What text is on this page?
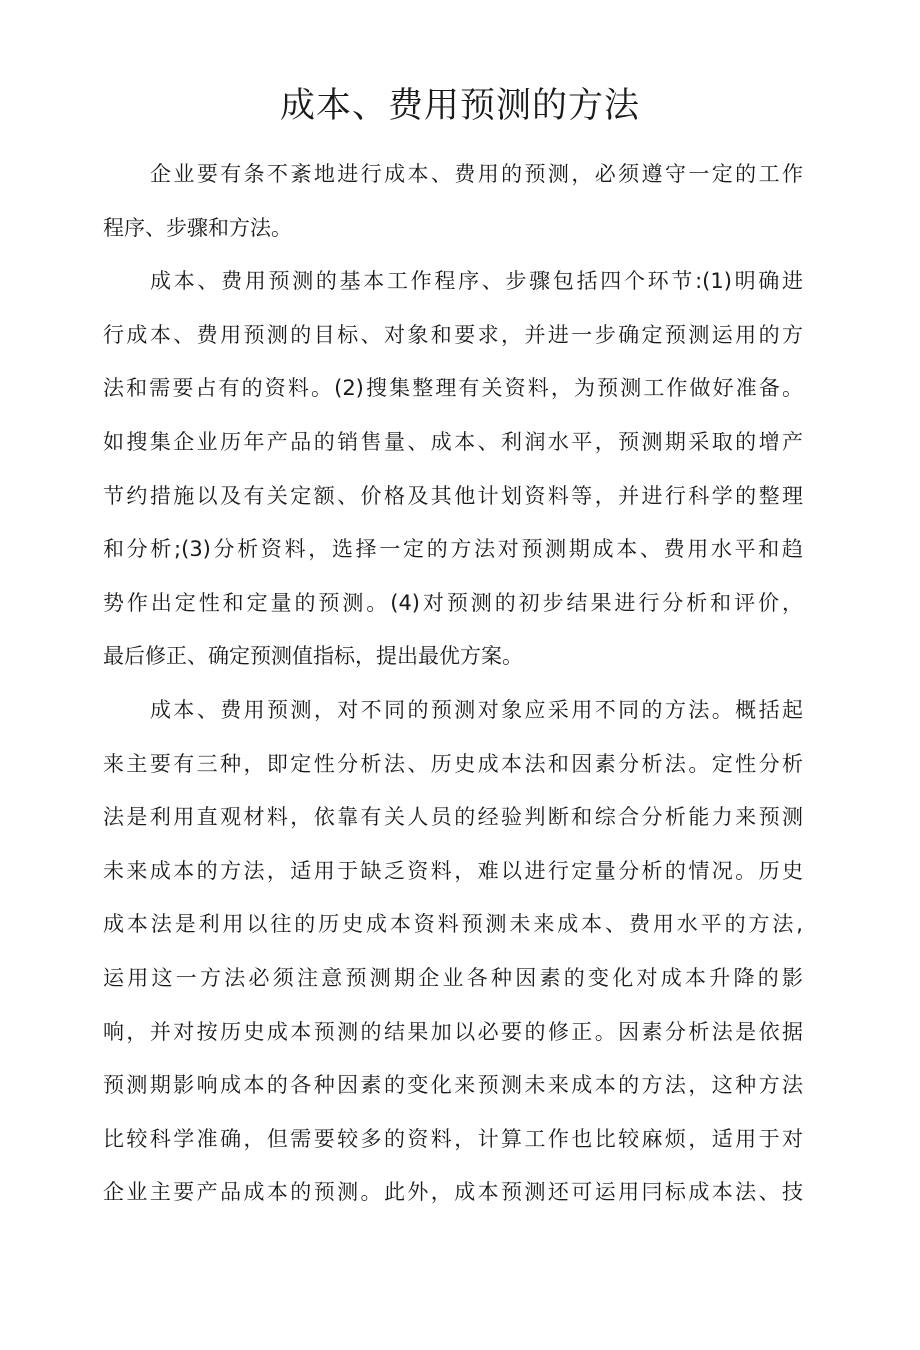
成本、费用预测的方法
企业要有条不紊地进行成本、费用的预测，必须遵守一定的工作
程序、步骤和方法。
成本、费用预测的基本工作程序、步骤包括四个环节:(1)明确进
行成本、费用预测的目标、对象和要求，并进一步确定预测运用的方
法和需要占有的资料。(2)搜集整理有关资料，为预测工作做好准备。
如搜集企业历年产品的销售量、成本、利润水平，预测期采取的增产
节约措施以及有关定额、价格及其他计划资料等，并进行科学的整理
和分析;(3)分析资料，选择一定的方法对预测期成本、费用水平和趋
势作出定性和定量的预测。(4)对预测的初步结果进行分析和评价，
最后修正、确定预测值指标，提出最优方案。
成本、费用预测，对不同的预测对象应采用不同的方法。概括起
来主要有三种，即定性分析法、历史成本法和因素分析法。定性分析
法是利用直观材料，依靠有关人员的经验判断和综合分析能力来预测
未来成本的方法，适用于缺乏资料，难以进行定量分析的情况。历史
成本法是利用以往的历史成本资料预测未来成本、费用水平的方法,
运用这一方法必须注意预测期企业各种因素的变化对成本升降的影
响，并对按历史成本预测的结果加以必要的修正。因素分析法是依据
预测期影响成本的各种因素的变化来预测未来成本的方法，这种方法
比较科学准确，但需要较多的资料，计算工作也比较麻烦，适用于对
企业主要产品成本的预测。此外，成本预测还可运用冃标成本法、技
